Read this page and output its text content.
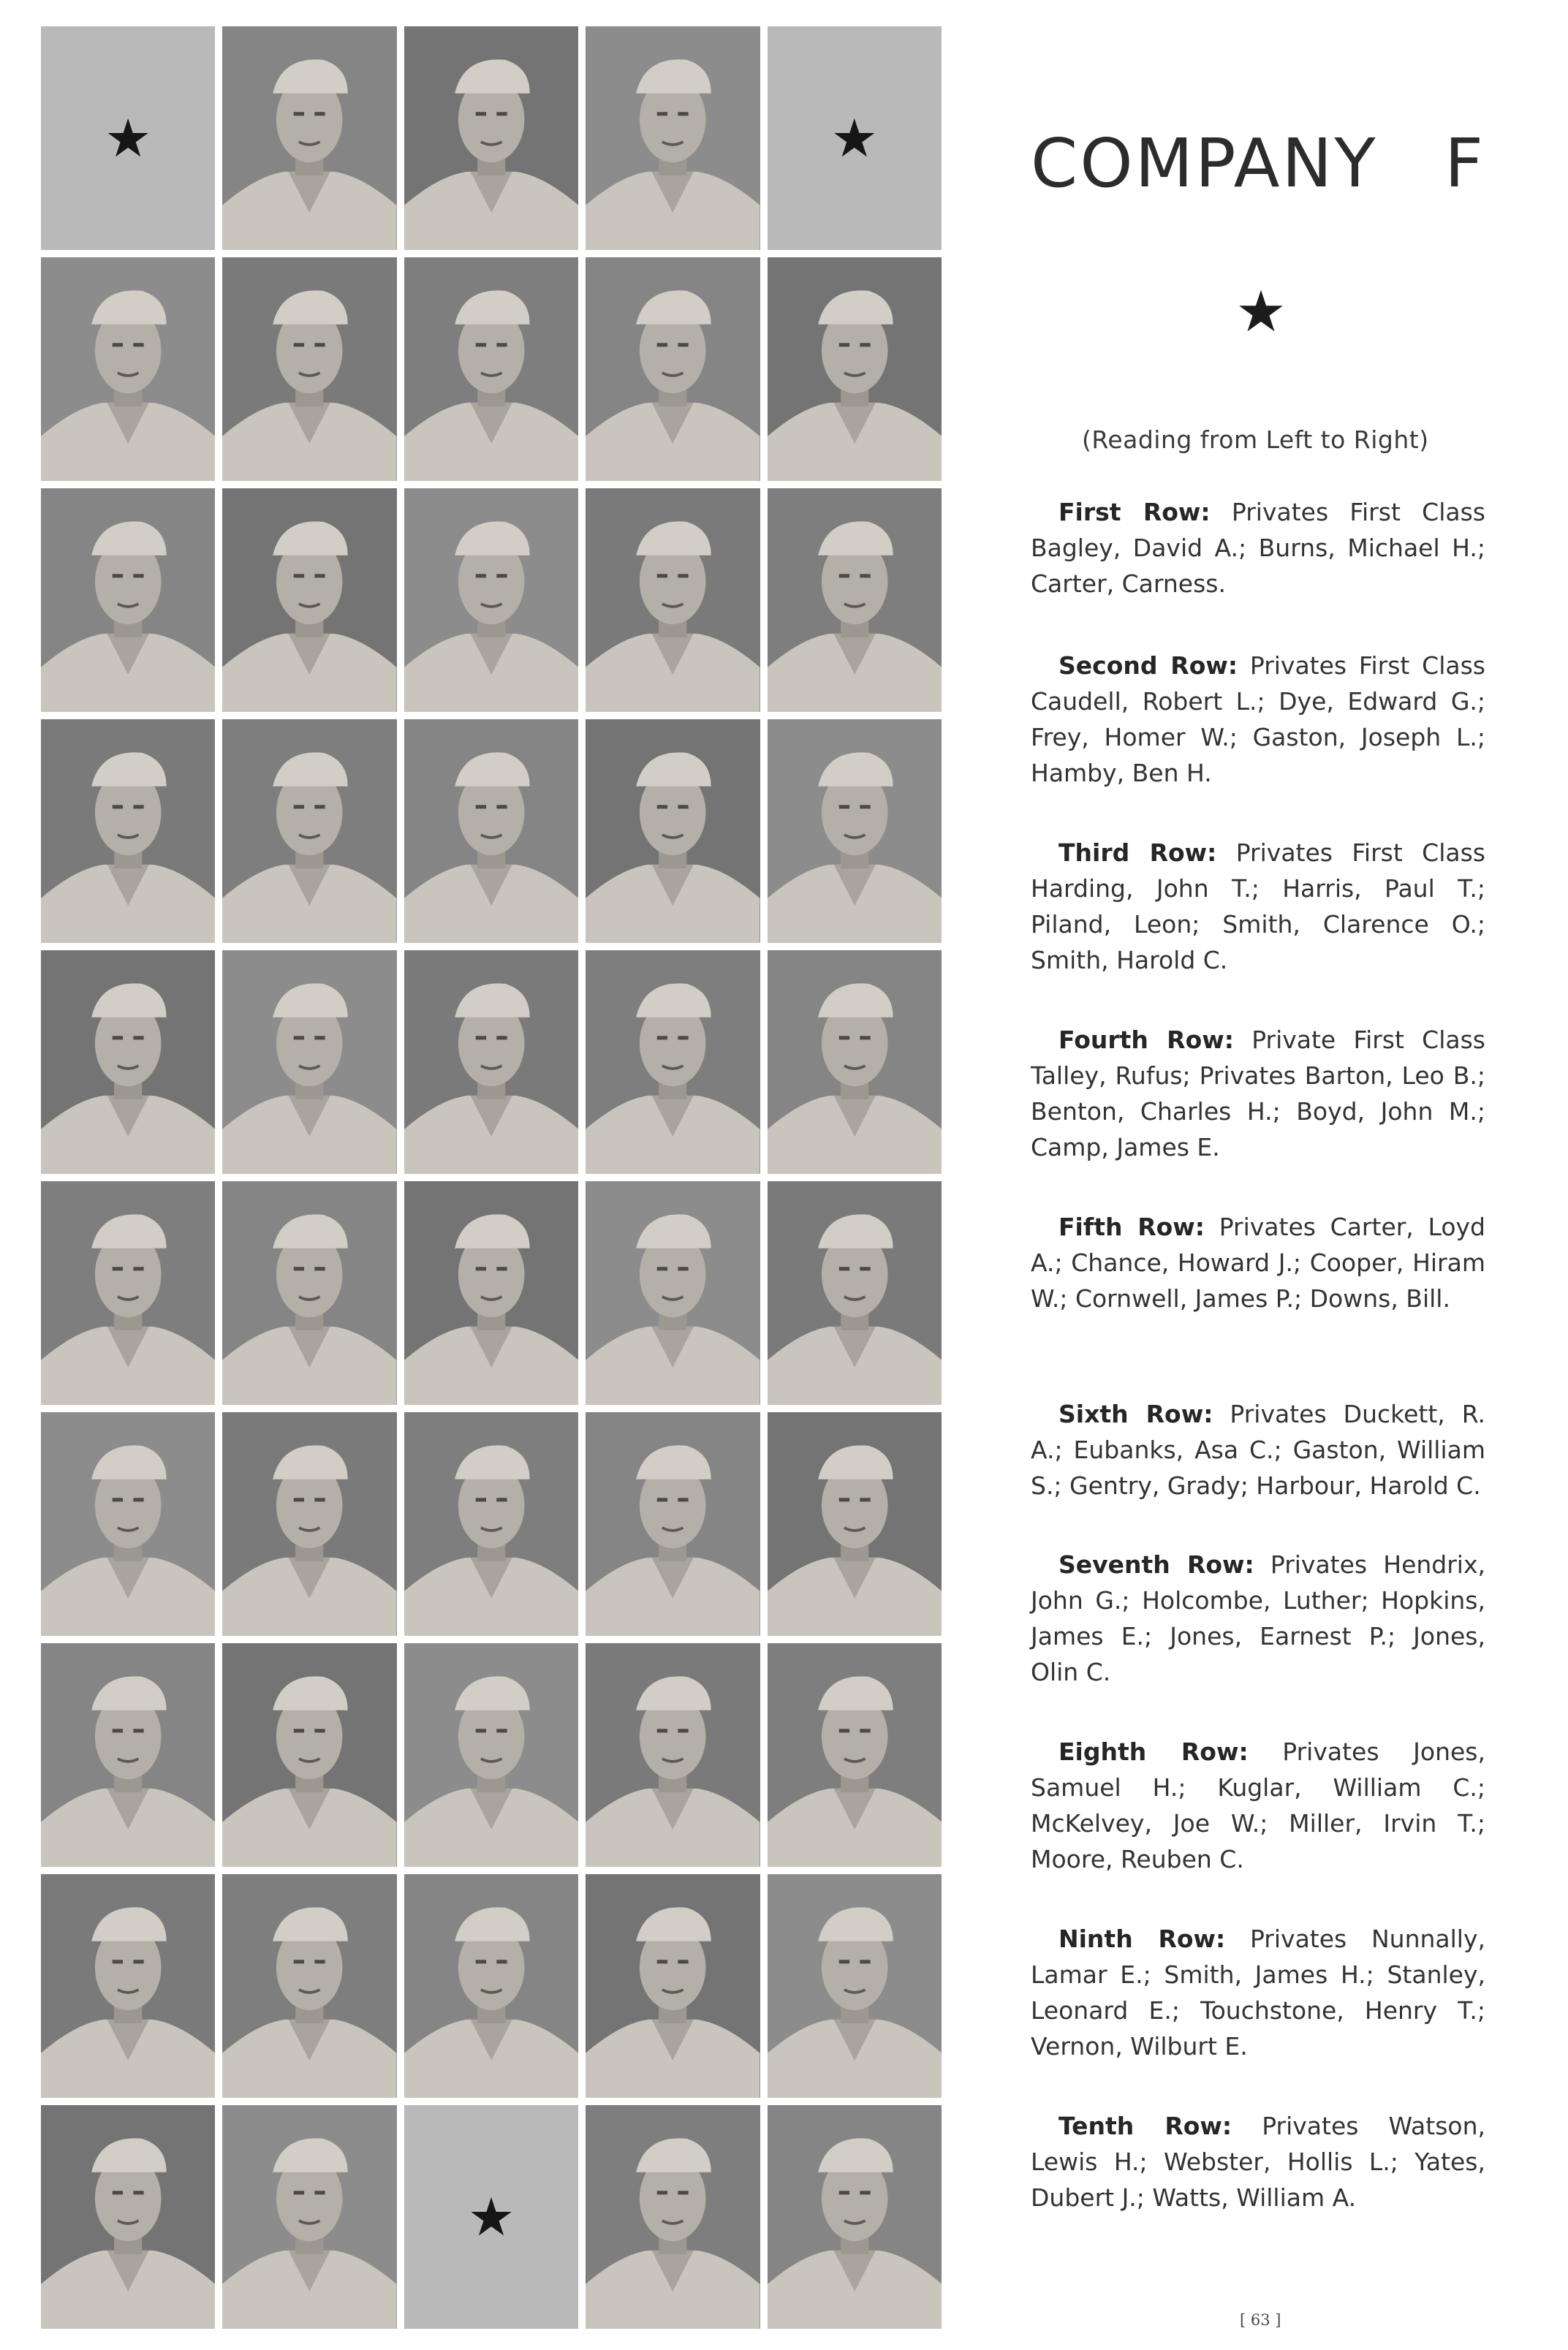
★	★
★
COMPANY F
★
(Reading from Left to Right)

First Row: Privates First Class Bagley, David A.; Burns, Michael H.; Carter, Carness.

Second Row: Privates First Class Caudell, Robert L.; Dye, Edward G.; Frey, Homer W.; Gaston, Joseph L.; Hamby, Ben H.

Third Row: Privates First Class Harding, John T.; Harris, Paul T.; Piland, Leon; Smith, Clarence O.; Smith, Harold C.

Fourth Row: Private First Class Talley, Rufus; Privates Barton, Leo B.; Benton, Charles H.; Boyd, John M.; Camp, James E.

Fifth Row: Privates Carter, Loyd A.; Chance, Howard J.; Cooper, Hiram W.; Cornwell, James P.; Downs, Bill.

Sixth Row: Privates Duckett, R. A.; Eubanks, Asa C.; Gaston, William S.; Gentry, Grady; Harbour, Harold C.

Seventh Row: Privates Hendrix, John G.; Holcombe, Luther; Hopkins, James E.; Jones, Earnest P.; Jones, Olin C.

Eighth Row: Privates Jones, Samuel H.; Kuglar, William C.; McKelvey, Joe W.; Miller, Irvin T.; Moore, Reuben C.

Ninth Row: Privates Nunnally, Lamar E.; Smith, James H.; Stanley, Leonard E.; Touchstone, Henry T.; Vernon, Wilburt E.

Tenth Row: Privates Watson, Lewis H.; Webster, Hollis L.; Yates, Dubert J.; Watts, William A.

[ 63 ]
